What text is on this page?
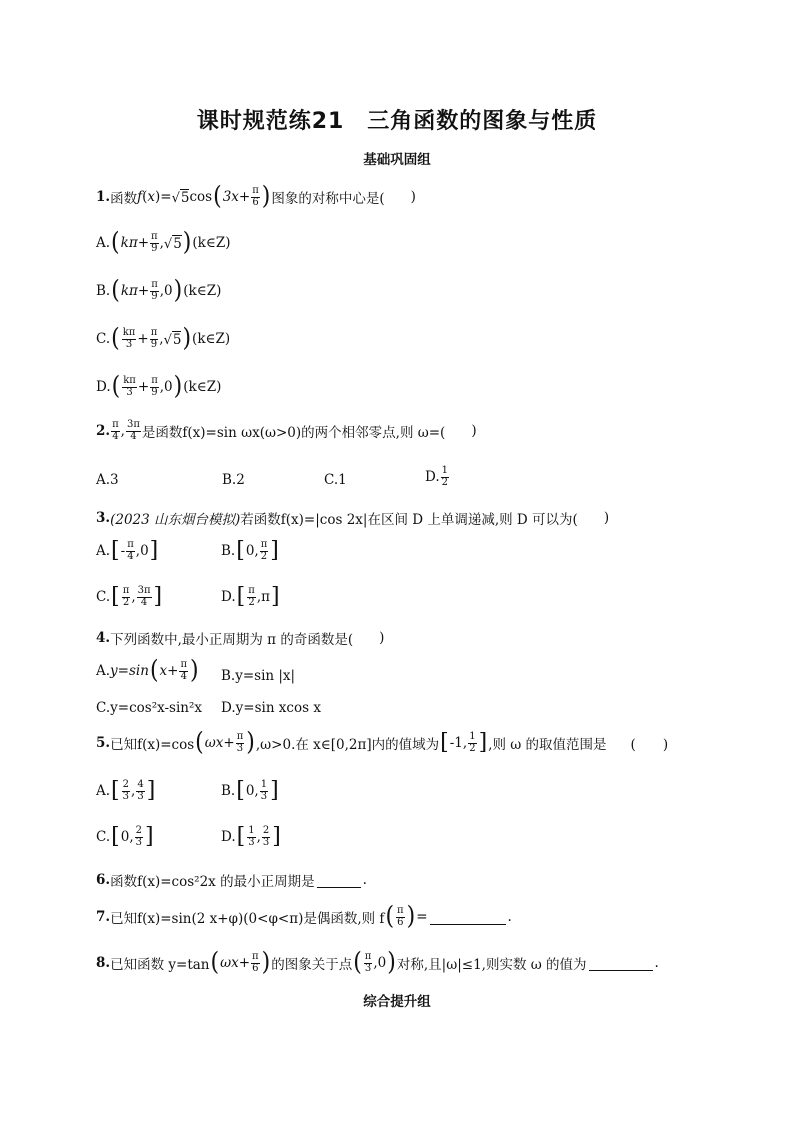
课时规范练21　三角函数的图象与性质
基础巩固组
1. 函数 f ( x ) = √ 5 cos ( $3x+ \frac{\pi}{6}$ ) 图象的对称中心是( )
A. ( $k\pi+ \frac{\pi}{9}$ , √ 5 ) (k∈Z)
B. ( $k\pi+ \frac{\pi}{9} ,0$ ) (k∈Z)
C. ( $\frac{k\pi}{3} + \frac{\pi}{9}$ , √ 5 ) (k∈Z)
D. ( $\frac{k\pi}{3} + \frac{\pi}{9} ,0$ ) (k∈Z)
2. $\frac{\pi}{4}$ , $\frac{3\pi}{4}$ 是函数f(x)=sin ωx(ω>0)的两个相邻零点,则 ω=( )
A.3	B.2	C.1	D. $\frac{1}{2}$
3. (2023 山东烟台模拟) 若函数f(x)=|cos 2x|在区间 D 上单调递减,则 D 可以为( )
A. [ - $\frac{\pi}{4} ,0$ ]	B. [ 0, $\frac{\pi}{2}$ ]
C. [ $\frac{\pi}{2}$ , $\frac{3\pi}{4}$ ]	D. [ $\frac{\pi}{2} ,\pi$ ]
4. 下列函数中,最小正周期为 π 的奇函数是( )
A. y=sin ( $x+ \frac{\pi}{4}$ ) B.y=sin |x|
C.y=cos²x-sin²x D.y=sin xcos x
5. 已知f(x)=cos ( $\omega x+ \frac{\pi}{3}$ ) ,ω>0.在 x∈[0,2π]内的值域为 [ -1, $\frac{1}{2}$ ] ,则 ω 的取值范围是 (　　)
A. [ $\frac{2}{3}$ , $\frac{4}{3}$ ]	B. [ 0, $\frac{1}{3}$ ]
C. [ 0, $\frac{2}{3}$ ]	D. [ $\frac{1}{3}$ , $\frac{2}{3}$ ]
6. 函数f(x)=cos²2x 的最小正周期是	.
7. 已知f(x)=sin(2 x+φ)(0<φ<π)是偶函数,则 f ( $\frac{\pi}{6}$ ) =	.
8. 已知函数 y=tan ( $\omega x+ \frac{\pi}{6}$ ) 的图象关于点 ( $\frac{\pi}{3} ,0$ ) 对称,且|ω|≤1,则实数 ω 的值为	.
综合提升组
